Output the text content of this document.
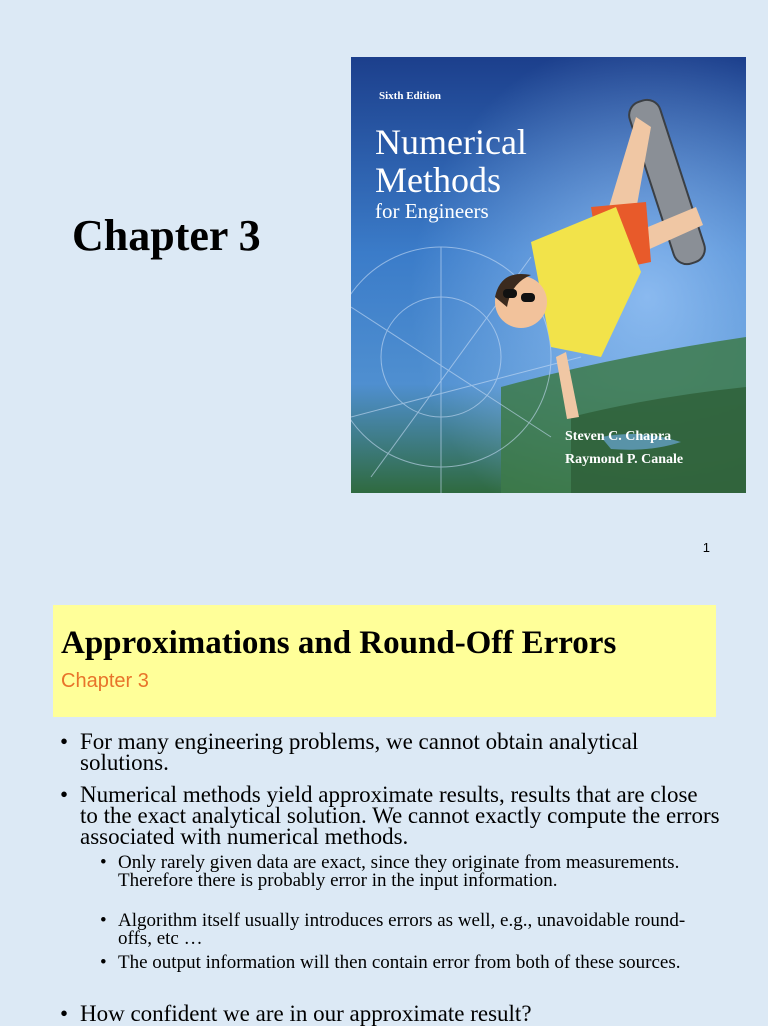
Chapter 3
Sixth Edition
Numerical
Methods
for Engineers
Steven C. Chapra
Raymond P. Canale
1
Approximations and Round-Off Errors
Chapter 3
• For many engineering problems, we cannot obtain analytical solutions.
• Numerical methods yield approximate results, results that are close to the exact analytical solution. We cannot exactly compute the errors associated with numerical methods.
• Only rarely given data are exact, since they originate from measurements. Therefore there is probably error in the input information.
• Algorithm itself usually introduces errors as well, e.g., unavoidable round-offs, etc …
• The output information will then contain error from both of these sources.
• How confident we are in our approximate result?
